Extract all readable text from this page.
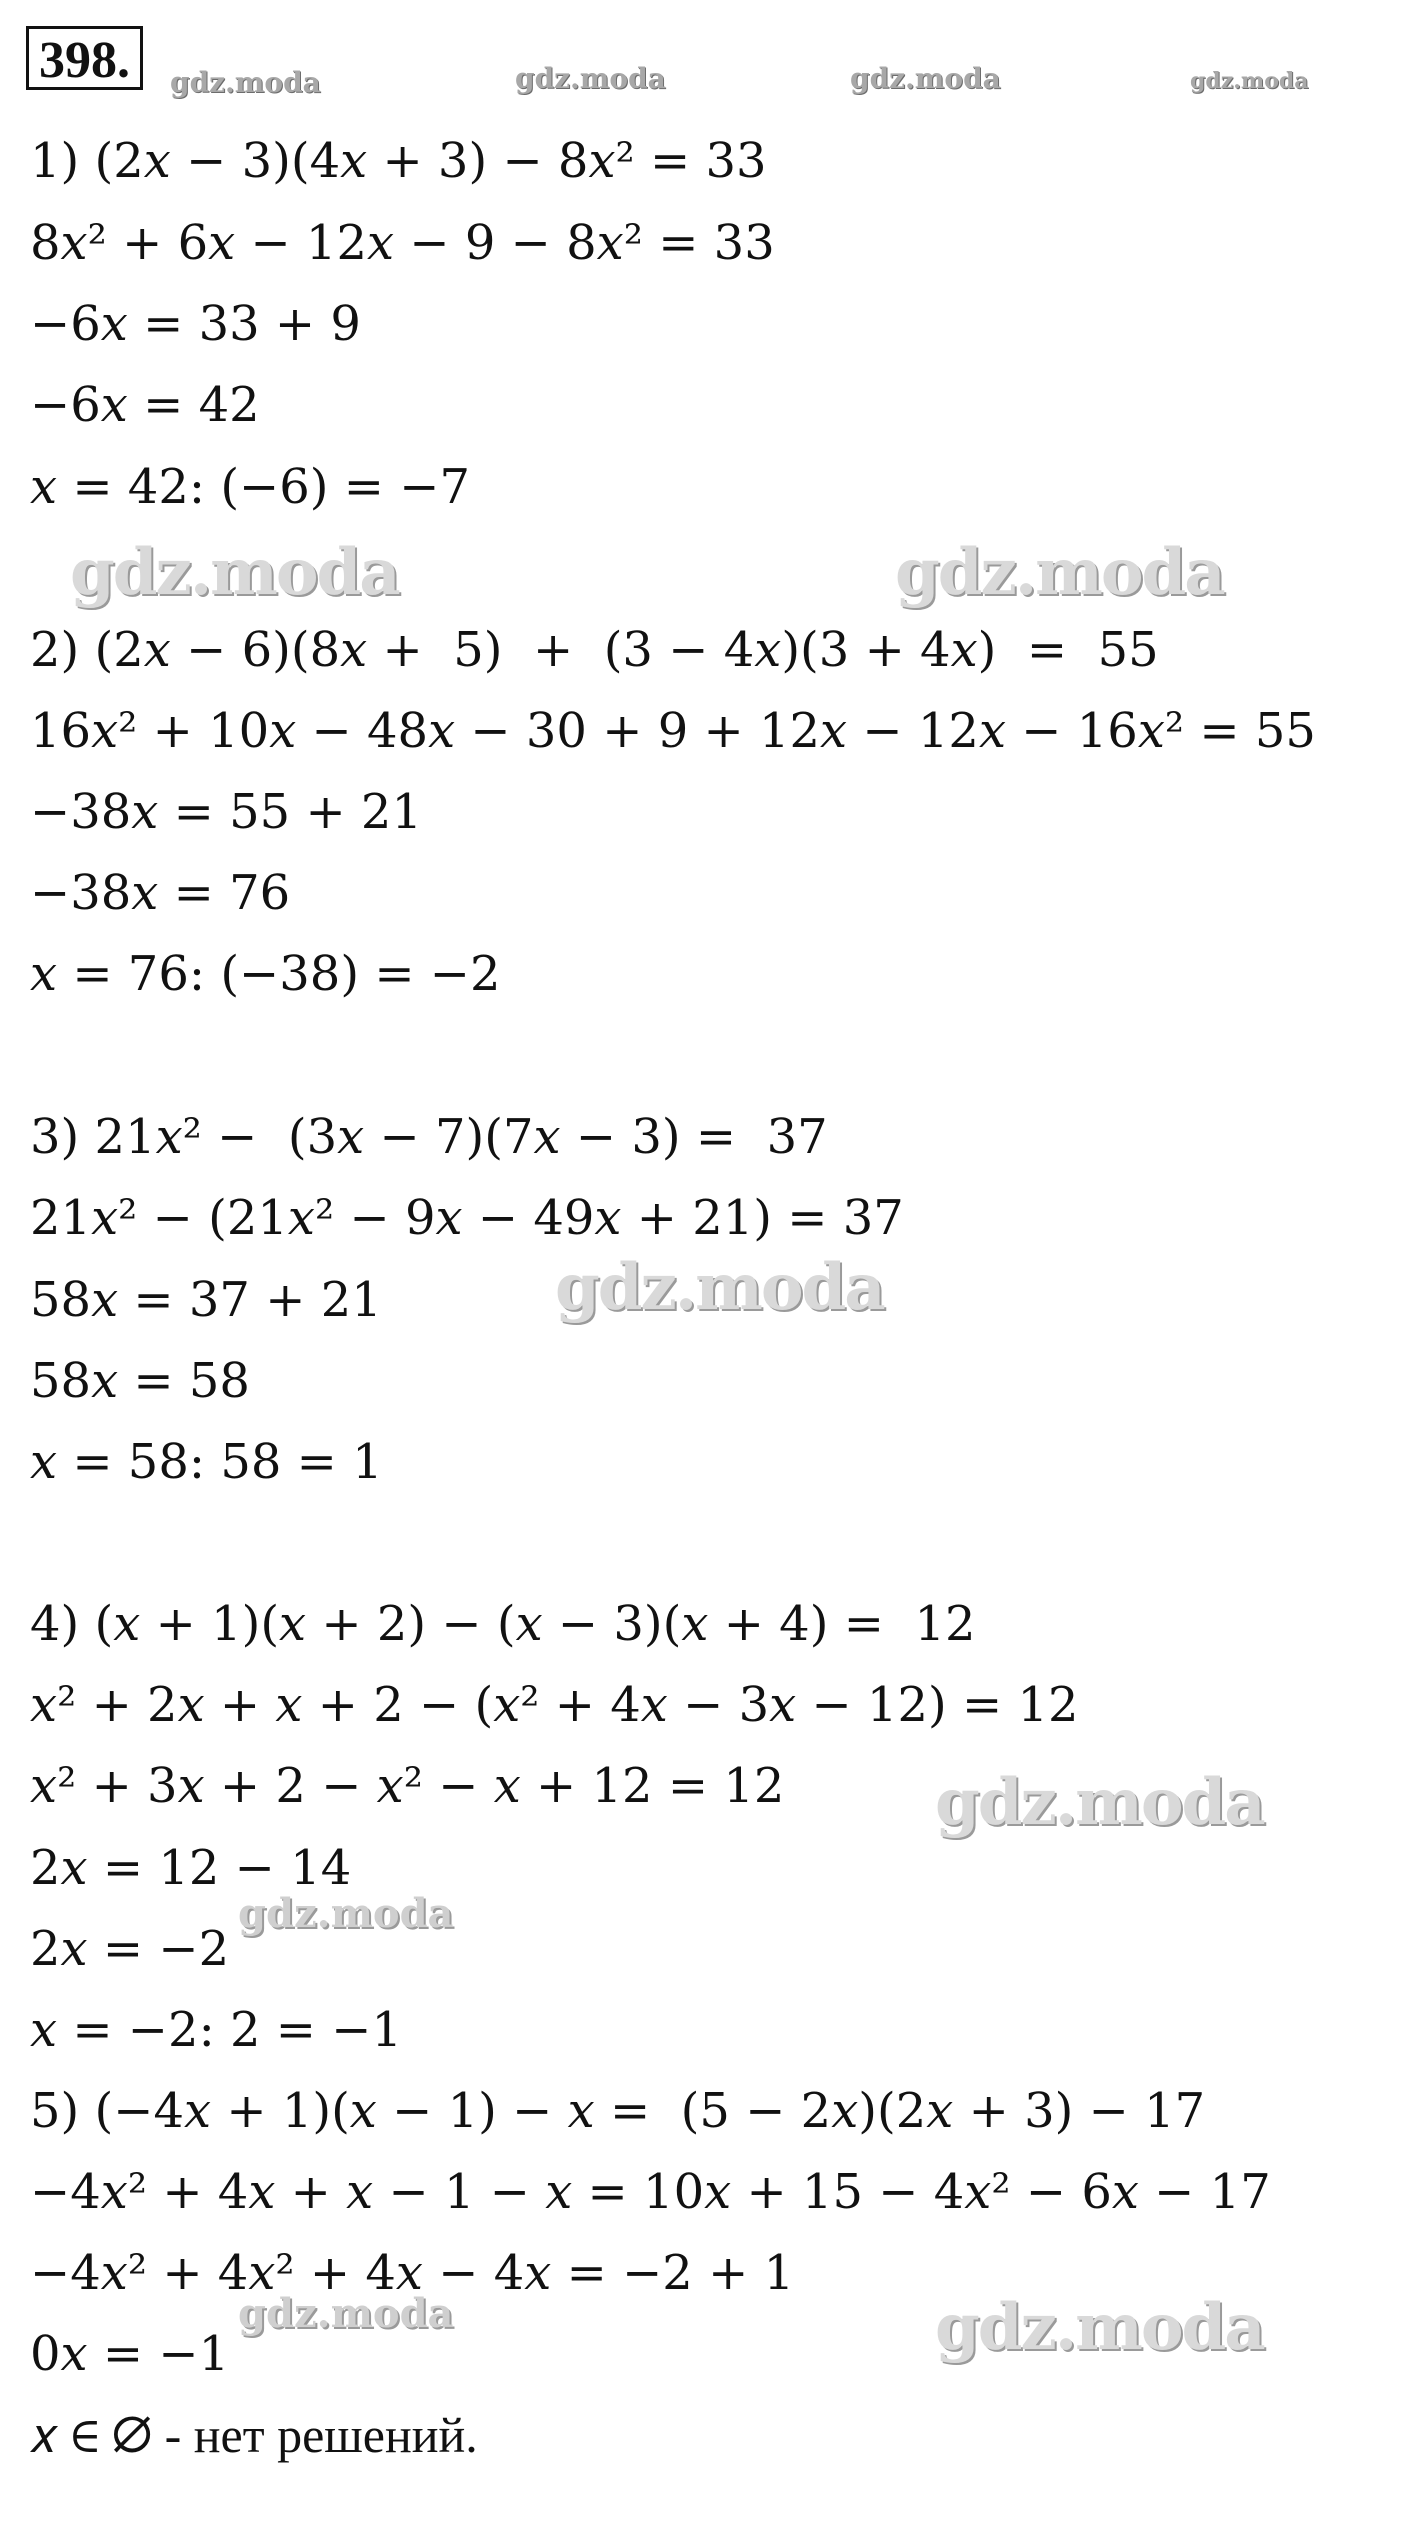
398.	gdz.moda	gdz.moda	gdz.moda	gdz.moda
gdz.moda	gdz.moda
gdz.moda
gdz.moda
gdz.moda
gdz.moda	gdz.moda
1) (2𝑥 − 3)(4𝑥 + 3) − 8𝑥² = 33
8𝑥² + 6𝑥 − 12𝑥 − 9 − 8𝑥² = 33
−6𝑥 = 33 + 9
−6𝑥 = 42
𝑥 = 42: (−6) = −7
2) (2𝑥 − 6)(8𝑥 +  5)  +  (3 − 4𝑥)(3 + 4𝑥)  =  55
16𝑥² + 10𝑥 − 48𝑥 − 30 + 9 + 12𝑥 − 12𝑥 − 16𝑥² = 55
−38𝑥 = 55 + 21
−38𝑥 = 76
𝑥 = 76: (−38) = −2
3) 21𝑥² −  (3𝑥 − 7)(7𝑥 − 3) =  37
21𝑥² − (21𝑥² − 9𝑥 − 49𝑥 + 21) = 37
58𝑥 = 37 + 21
58𝑥 = 58
𝑥 = 58: 58 = 1
4) (𝑥 + 1)(𝑥 + 2) − (𝑥 − 3)(𝑥 + 4) =  12
𝑥² + 2𝑥 + 𝑥 + 2 − (𝑥² + 4𝑥 − 3𝑥 − 12) = 12
𝑥² + 3𝑥 + 2 − 𝑥² − 𝑥 + 12 = 12
2𝑥 = 12 − 14
2𝑥 = −2
𝑥 = −2: 2 = −1
5) (−4𝑥 + 1)(𝑥 − 1) − 𝑥 =  (5 − 2𝑥)(2𝑥 + 3) − 17
−4𝑥² + 4𝑥 + 𝑥 − 1 − 𝑥 = 10𝑥 + 15 − 4𝑥² − 6𝑥 − 17
−4𝑥² + 4𝑥² + 4𝑥 − 4𝑥 = −2 + 1
0𝑥 = −1
𝑥 ∈ ∅ - нет решений.
